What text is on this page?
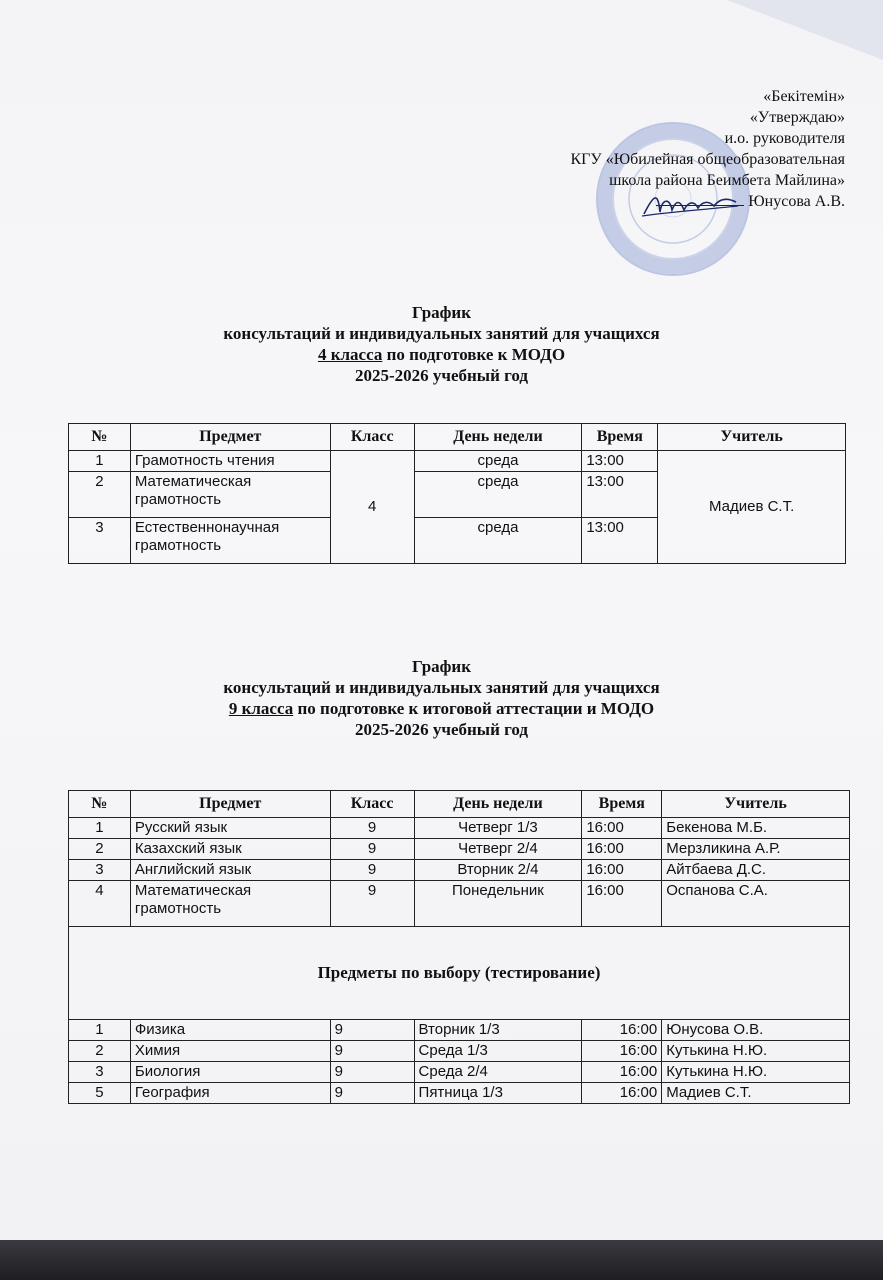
«Бекітемін»
«Утверждаю»
и.о. руководителя
КГУ «Юбилейная общеобразовательная
школа района Беимбета Майлина»
Юнусова А.В.
График
консультаций и индивидуальных занятий для учащихся
4 класса по подготовке к МОДО
2025-2026 учебный год
№	Предмет	Класс	День недели	Время	Учитель
1	Грамотность чтения	4	среда	13:00	Мадиев С.Т.
2	Математическая грамотность		среда	13:00	
3	Естественнонаучная грамотность		среда	13:00	
График
консультаций и индивидуальных занятий для учащихся
9 класса по подготовке к итоговой аттестации и МОДО
2025-2026 учебный год
№	Предмет	Класс	День недели	Время	Учитель
1	Русский язык	9	Четверг 1/3	16:00	Бекенова М.Б.
2	Казахский язык	9	Четверг 2/4	16:00	Мерзликина А.Р.
3	Английский язык	9	Вторник 2/4	16:00	Айтбаева Д.С.
4	Математическая грамотность	9	Понедельник	16:00	Оспанова С.А.
Предметы по выбору (тестирование)					
1	Физика	9	Вторник 1/3	16:00	Юнусова О.В.
2	Химия	9	Среда 1/3	16:00	Кутькина Н.Ю.
3	Биология	9	Среда 2/4	16:00	Кутькина Н.Ю.
5	География	9	Пятница 1/3	16:00	Мадиев С.Т.
